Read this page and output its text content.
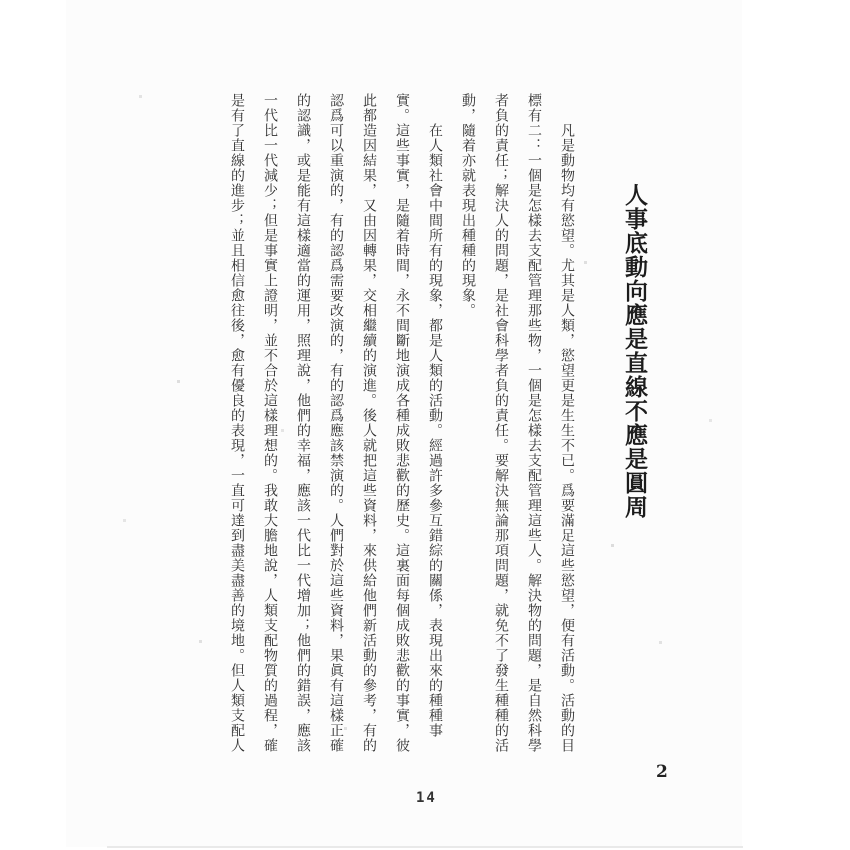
人事底動向應是直線不應是圓周
凡是動物均有慾望。尤其是人類，慾望更是生生不已。爲要滿足這些慾望，便有活動。活動的目
標有二：一個是怎樣去支配管理那些物，一個是怎樣去支配管理這些人。解決物的問題，是自然科學
者負的責任；解決人的問題，是社會科學者負的責任。要解決無論那項問題，就免不了發生種種的活
動，隨着亦就表現出種種的現象。
在人類社會中間所有的現象，都是人類的活動。經過許多參互錯綜的關係，表現出來的種種事
實。這些事實，是隨着時間，永不間斷地演成各種成敗悲歡的歷史。這裏面每個成敗悲歡的事實，彼
此都造因結果，又由因轉果，交相繼續的演進。後人就把這些資料，來供給他們新活動的參考，有的
認爲可以重演的，有的認爲需要改演的，有的認爲應該禁演的。人們對於這些資料，果眞有這樣正確
的認識，或是能有這樣適當的運用，照理說，他們的幸福，應該一代比一代增加；他們的錯誤，應該
一代比一代減少；但是事實上證明，並不合於這樣理想的。我敢大膽地說，人類支配物質的過程，確
是有了直線的進步；並且相信愈往後，愈有優良的表現，一直可達到盡美盡善的境地。但人類支配人
2
14
